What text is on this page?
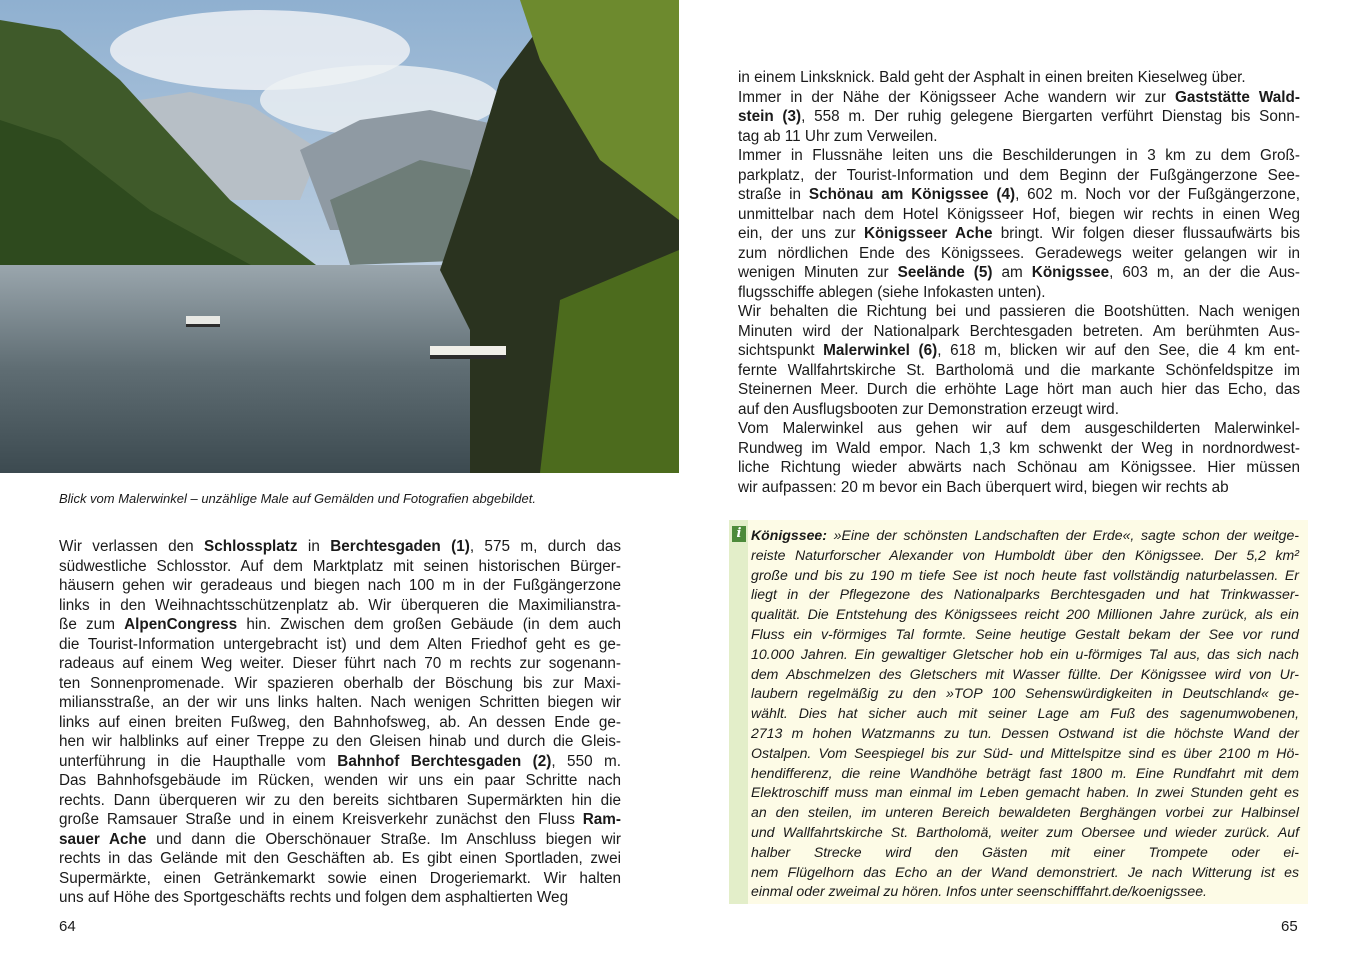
Blick vom Malerwinkel – unzählige Male auf Gemälden und Fotografien abgebildet.

Wir verlassen den Schlossplatz in Berchtesgaden (1), 575 m, durch das

südwestliche Schlosstor. Auf dem Marktplatz mit seinen historischen Bürger-

häusern gehen wir geradeaus und biegen nach 100 m in der Fußgängerzone

links in den Weihnachtsschützenplatz ab. Wir überqueren die Maximilianstra-

ße zum AlpenCongress hin. Zwischen dem großen Gebäude (in dem auch

die Tourist-Information untergebracht ist) und dem Alten Friedhof geht es ge-

radeaus auf einem Weg weiter. Dieser führt nach 70 m rechts zur sogenann-

ten Sonnenpromenade. Wir spazieren oberhalb der Böschung bis zur Maxi-

miliansstraße, an der wir uns links halten. Nach wenigen Schritten biegen wir

links auf einen breiten Fußweg, den Bahnhofsweg, ab. An dessen Ende ge-

hen wir halblinks auf einer Treppe zu den Gleisen hinab und durch die Gleis-

unterführung in die Haupthalle vom Bahnhof Berchtesgaden (2), 550 m.

Das Bahnhofsgebäude im Rücken, wenden wir uns ein paar Schritte nach

rechts. Dann überqueren wir zu den bereits sichtbaren Supermärkten hin die

große Ramsauer Straße und in einem Kreisverkehr zunächst den Fluss Ram-

sauer Ache und dann die Oberschönauer Straße. Im Anschluss biegen wir

rechts in das Gelände mit den Geschäften ab. Es gibt einen Sportladen, zwei

Supermärkte, einen Getränkemarkt sowie einen Drogeriemarkt. Wir halten

uns auf Höhe des Sportgeschäfts rechts und folgen dem asphaltierten Weg

in einem Linksknick. Bald geht der Asphalt in einen breiten Kieselweg über.

Immer in der Nähe der Königsseer Ache wandern wir zur Gaststätte Wald-

stein (3), 558 m. Der ruhig gelegene Biergarten verführt Dienstag bis Sonn-

tag ab 11 Uhr zum Verweilen.

Immer in Flussnähe leiten uns die Beschilderungen in 3 km zu dem Groß-

parkplatz, der Tourist-Information und dem Beginn der Fußgängerzone See-

straße in Schönau am Königssee (4), 602 m. Noch vor der Fußgängerzone,

unmittelbar nach dem Hotel Königsseer Hof, biegen wir rechts in einen Weg

ein, der uns zur Königsseer Ache bringt. Wir folgen dieser flussaufwärts bis

zum nördlichen Ende des Königssees. Geradewegs weiter gelangen wir in

wenigen Minuten zur Seelände (5) am Königssee, 603 m, an der die Aus-

flugsschiffe ablegen (siehe Infokasten unten).

Wir behalten die Richtung bei und passieren die Bootshütten. Nach wenigen

Minuten wird der Nationalpark Berchtesgaden betreten. Am berühmten Aus-

sichtspunkt Malerwinkel (6), 618 m, blicken wir auf den See, die 4 km ent-

fernte Wallfahrtskirche St. Bartholomä und die markante Schönfeldspitze im

Steinernen Meer. Durch die erhöhte Lage hört man auch hier das Echo, das

auf den Ausflugsbooten zur Demonstration erzeugt wird.

Vom Malerwinkel aus gehen wir auf dem ausgeschilderten Malerwinkel-

Rundweg im Wald empor. Nach 1,3 km schwenkt der Weg in nordnordwest-

liche Richtung wieder abwärts nach Schönau am Königssee. Hier müssen

wir aufpassen: 20 m bevor ein Bach überquert wird, biegen wir rechts ab

i Königssee: »Eine der schönsten Landschaften der Erde«, sagte schon der weitge-

reiste Naturforscher Alexander von Humboldt über den Königssee. Der 5,2 km²

große und bis zu 190 m tiefe See ist noch heute fast vollständig naturbelassen. Er

liegt in der Pflegezone des Nationalparks Berchtesgaden und hat Trinkwasser-

qualität. Die Entstehung des Königssees reicht 200 Millionen Jahre zurück, als ein

Fluss ein v-förmiges Tal formte. Seine heutige Gestalt bekam der See vor rund

10.000 Jahren. Ein gewaltiger Gletscher hob ein u-förmiges Tal aus, das sich nach

dem Abschmelzen des Gletschers mit Wasser füllte. Der Königssee wird von Ur-

laubern regelmäßig zu den »TOP 100 Sehenswürdigkeiten in Deutschland« ge-

wählt. Dies hat sicher auch mit seiner Lage am Fuß des sagenumwobenen,

2713 m hohen Watzmanns zu tun. Dessen Ostwand ist die höchste Wand der

Ostalpen. Vom Seespiegel bis zur Süd- und Mittelspitze sind es über 2100 m Hö-

hendifferenz, die reine Wandhöhe beträgt fast 1800 m. Eine Rundfahrt mit dem

Elektroschiff muss man einmal im Leben gemacht haben. In zwei Stunden geht es

an den steilen, im unteren Bereich bewaldeten Berghängen vorbei zur Halbinsel

und Wallfahrtskirche St. Bartholomä, weiter zum Obersee und wieder zurück. Auf

halber Strecke wird den Gästen mit einer Trompete oder ei-

nem Flügelhorn das Echo an der Wand demonstriert. Je nach Witterung ist es

einmal oder zweimal zu hören. Infos unter seenschifffahrt.de/koenigssee.

64	65
